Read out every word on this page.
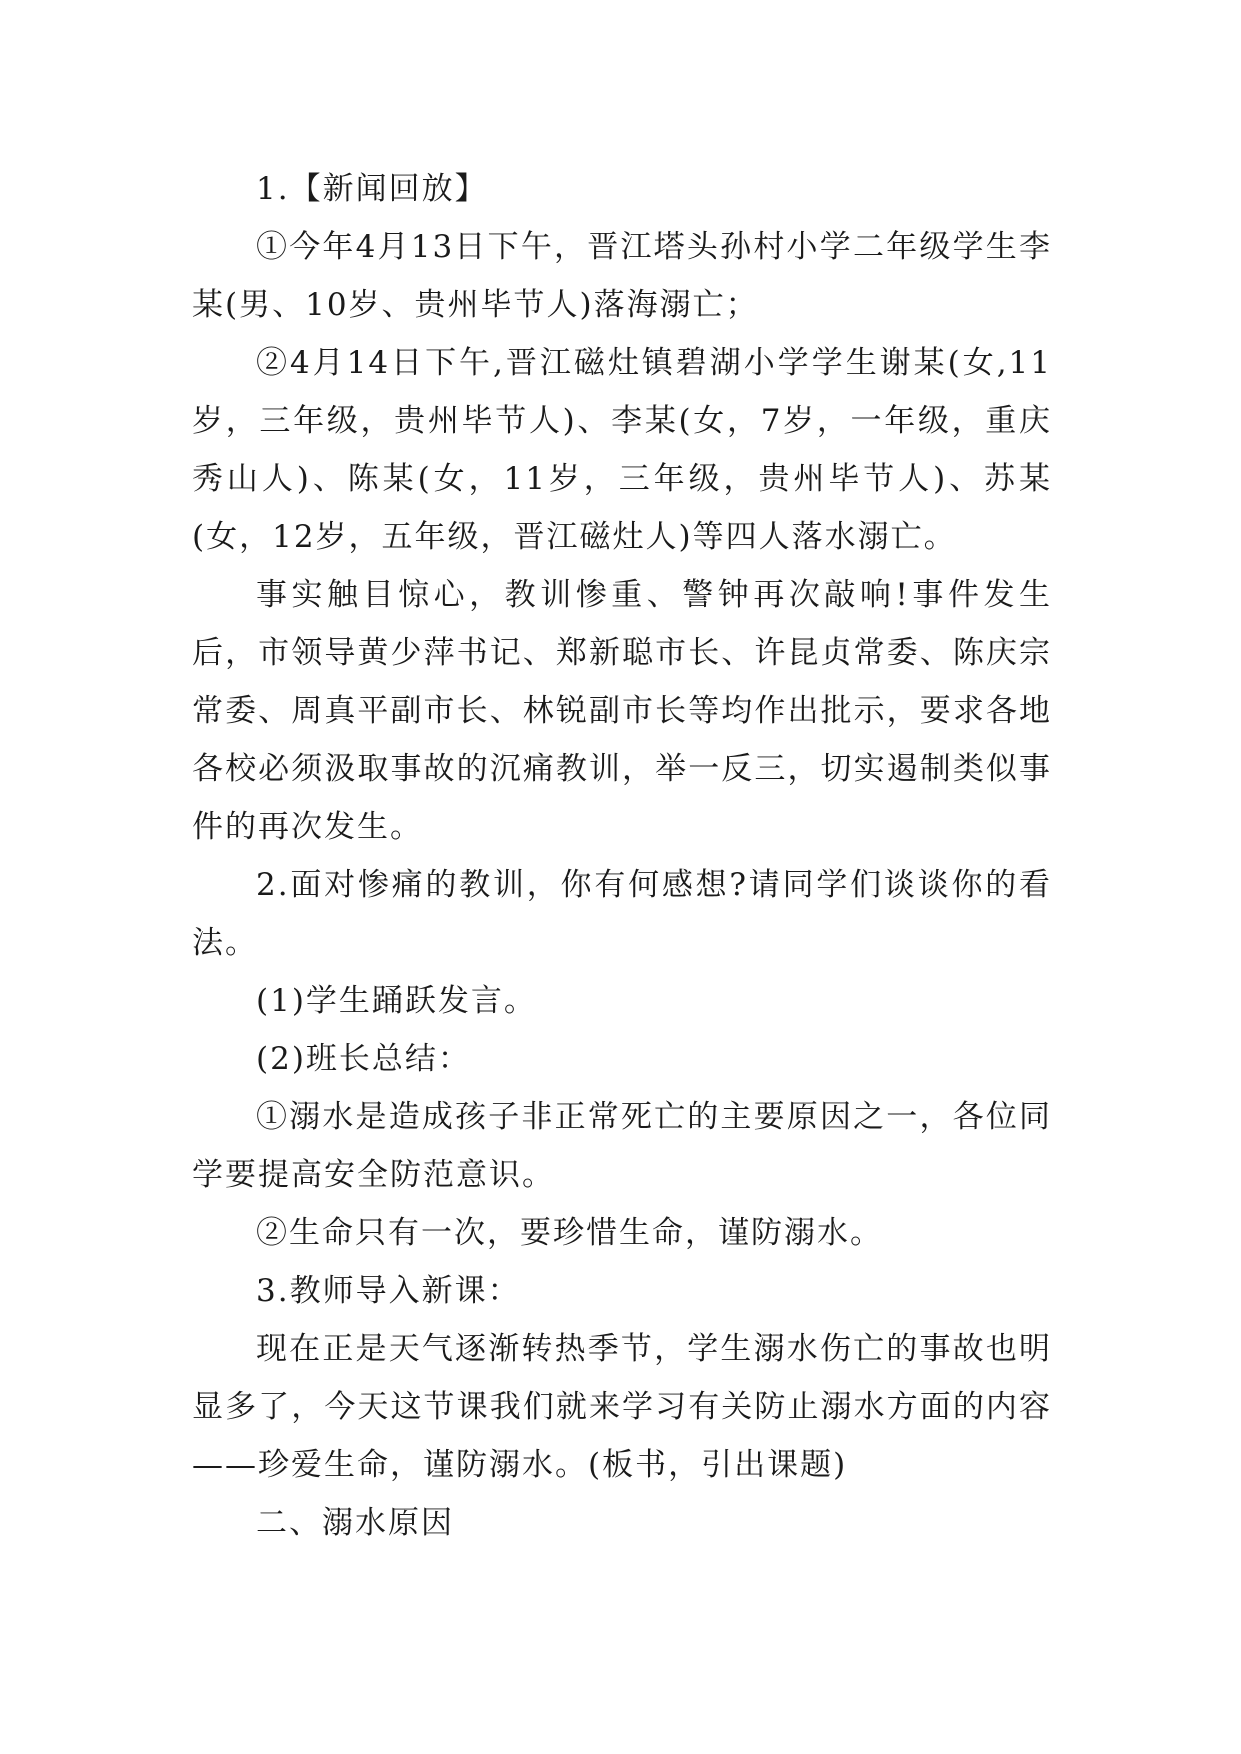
1.【新闻回放】

①今年4月13日下午，晋江塔头孙村小学二年级学生李某(男、10岁、贵州毕节人)落海溺亡；

②4月14日下午,晋江磁灶镇碧湖小学学生谢某(女,11岁，三年级，贵州毕节人)、李某(女，7岁，一年级，重庆秀山人)、陈某(女，11岁，三年级，贵州毕节人)、苏某(女，12岁，五年级，晋江磁灶人)等四人落水溺亡。

事实触目惊心，教训惨重、警钟再次敲响!事件发生后，市领导黄少萍书记、郑新聪市长、许昆贞常委、陈庆宗常委、周真平副市长、林锐副市长等均作出批示，要求各地各校必须汲取事故的沉痛教训，举一反三，切实遏制类似事件的再次发生。

2.面对惨痛的教训，你有何感想?请同学们谈谈你的看法。

(1)学生踊跃发言。

(2)班长总结：

①溺水是造成孩子非正常死亡的主要原因之一，各位同学要提高安全防范意识。

②生命只有一次，要珍惜生命，谨防溺水。

3.教师导入新课：

现在正是天气逐渐转热季节，学生溺水伤亡的事故也明显多了，今天这节课我们就来学习有关防止溺水方面的内容——珍爱生命，谨防溺水。(板书，引出课题)

二、溺水原因
